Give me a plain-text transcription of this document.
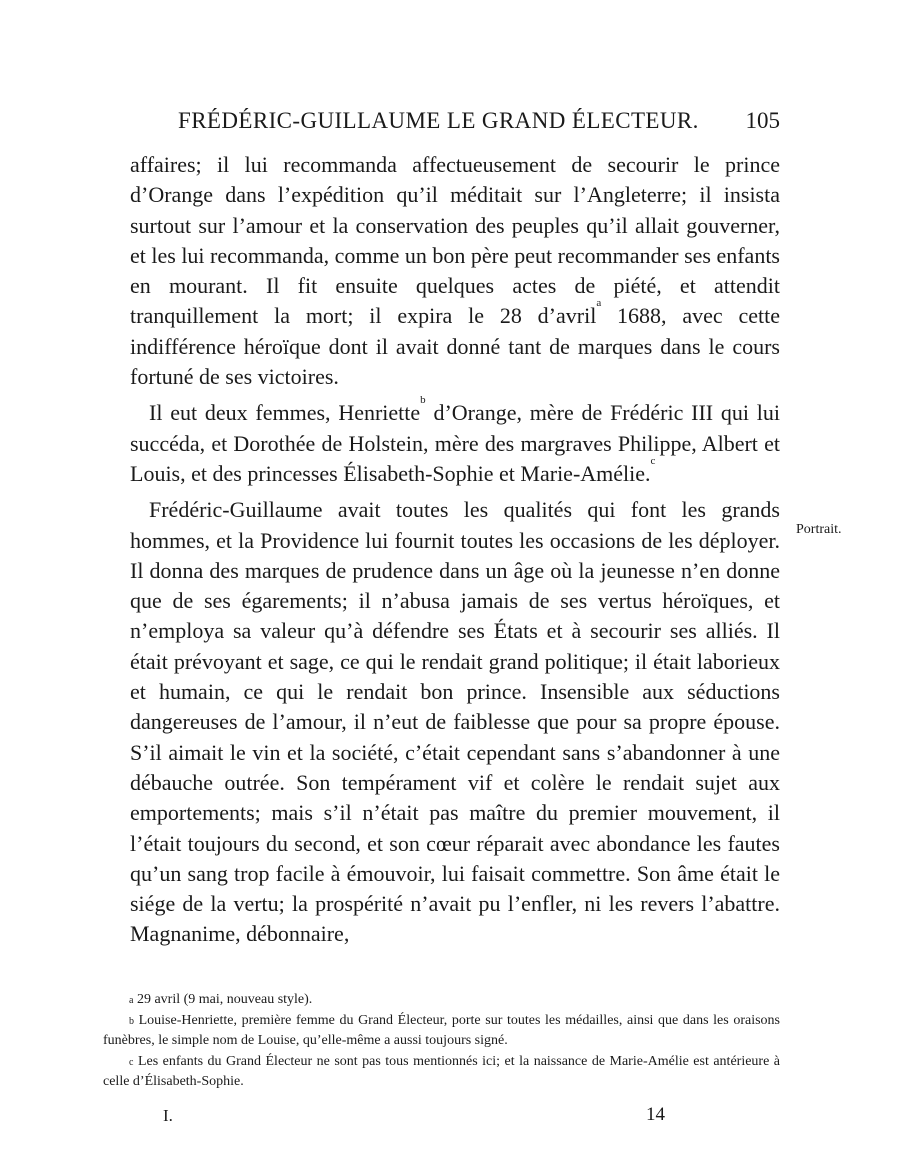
FRÉDÉRIC-GUILLAUME LE GRAND ÉLECTEUR. 105

affaires; il lui recommanda affectueusement de secourir le prince d’Orange dans l’expédition qu’il méditait sur l’Angleterre; il insista surtout sur l’amour et la conservation des peuples qu’il allait gouverner, et les lui recommanda, comme un bon père peut recommander ses enfants en mourant. Il fit ensuite quelques actes de piété, et attendit tranquillement la mort; il expira le 28 d’avril$^a$ 1688, avec cette indifférence héroïque dont il avait donné tant de marques dans le cours fortuné de ses victoires.

Il eut deux femmes, Henriette$^b$ d’Orange, mère de Frédéric III qui lui succéda, et Dorothée de Holstein, mère des margraves Philippe, Albert et Louis, et des princesses Élisabeth-Sophie et Marie-Amélie.$^c$

Frédéric-Guillaume avait toutes les qualités qui font les grands hommes, et la Providence lui fournit toutes les occasions de les déployer. Il donna des marques de prudence dans un âge où la jeunesse n’en donne que de ses égarements; il n’abusa jamais de ses vertus héroïques, et n’employa sa valeur qu’à défendre ses États et à secourir ses alliés. Il était prévoyant et sage, ce qui le rendait grand politique; il était laborieux et humain, ce qui le rendait bon prince. Insensible aux séductions dangereuses de l’amour, il n’eut de faiblesse que pour sa propre épouse. S’il aimait le vin et la société, c’était cependant sans s’abandonner à une débauche outrée. Son tempérament vif et colère le rendait sujet aux emportements; mais s’il n’était pas maître du premier mouvement, il l’était toujours du second, et son cœur réparait avec abondance les fautes qu’un sang trop facile à émouvoir, lui faisait commettre. Son âme était le siége de la vertu; la prospérité n’avait pu l’enfler, ni les revers l’abattre. Magnanime, débonnaire,

Portrait.

$^a$ 29 avril (9 mai, nouveau style).

$^b$ Louise-Henriette, première femme du Grand Électeur, porte sur toutes les médailles, ainsi que dans les oraisons funèbres, le simple nom de Louise, qu’elle-même a aussi toujours signé.

$^c$ Les enfants du Grand Électeur ne sont pas tous mentionnés ici; et la naissance de Marie-Amélie est antérieure à celle d’Élisabeth-Sophie.

I.	14
